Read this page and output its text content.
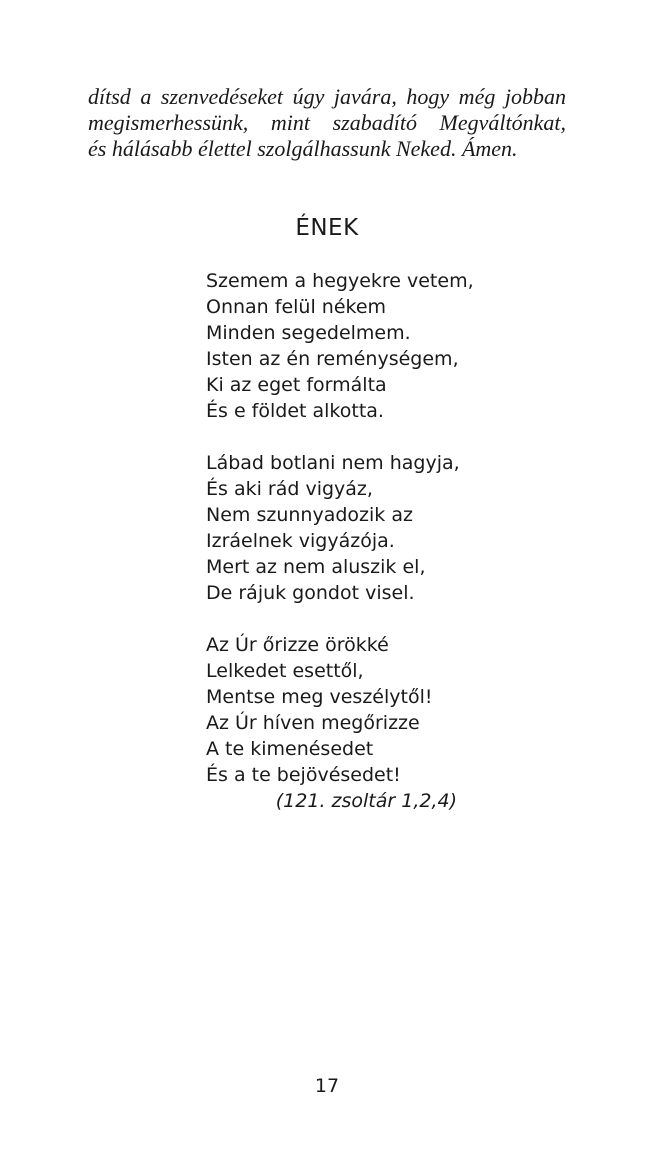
dítsd a szenvedéseket úgy javára, hogy még jobban
megismerhessünk, mint szabadító Megváltónkat,
és hálásabb élettel szolgálhassunk Neked. Ámen.
ÉNEK
Szemem a hegyekre vetem,
Onnan felül nékem
Minden segedelmem.
Isten az én reménységem,
Ki az eget formálta
És e földet alkotta.
Lábad botlani nem hagyja,
És aki rád vigyáz,
Nem szunnyadozik az
Izráelnek vigyázója.
Mert az nem aluszik el,
De rájuk gondot visel.
Az Úr őrizze örökké
Lelkedet esettől,
Mentse meg veszélytől!
Az Úr híven megőrizze
A te kimenésedet
És a te bejövésedet!
(121. zsoltár 1,2,4)
17
